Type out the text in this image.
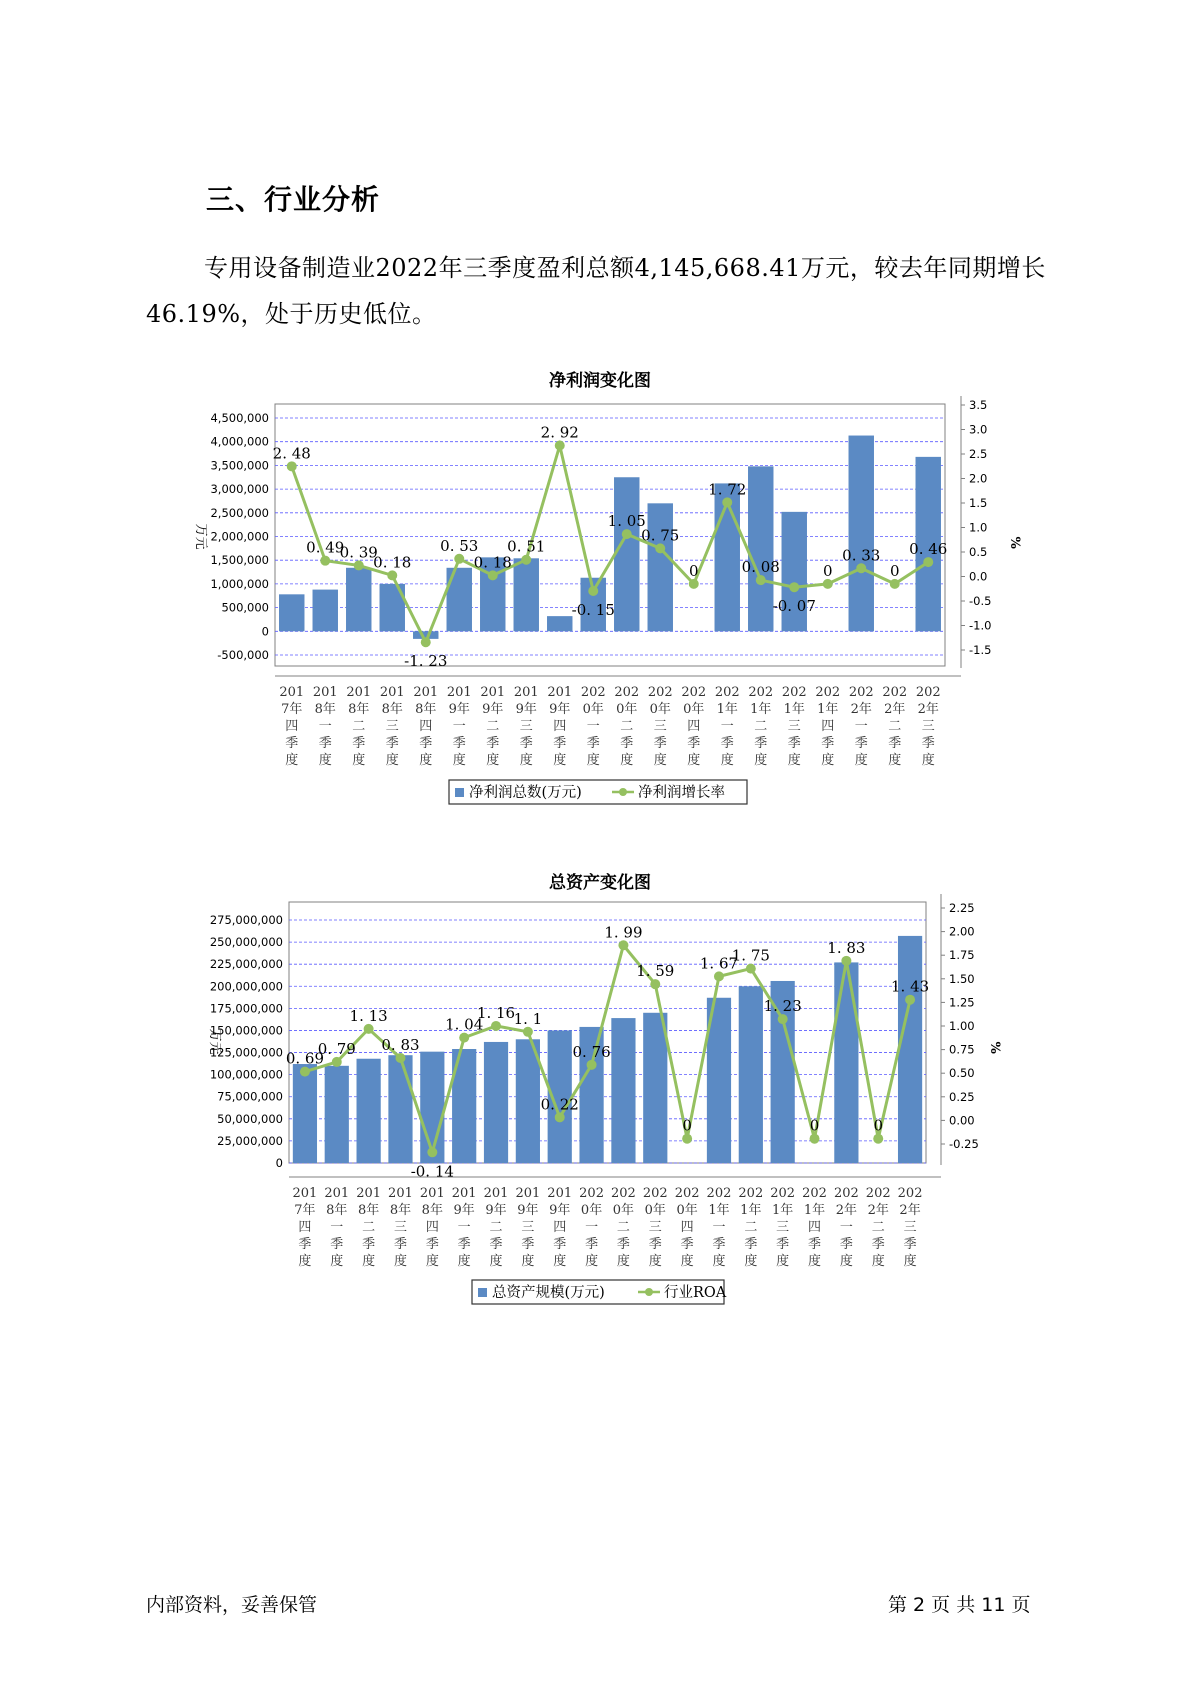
三、行业分析
专用设备制造业2022年三季度盈利总额4,145,668.41万元，较去年同期增长46.19%，处于历史低位。
净利润变化图
4,500,000
4,000,000
3,500,000
3,000,000
2,500,000
2,000,000
1,500,000
1,000,000
500,000
0
-500,000
3.5
3.0
2.5
2.0
1.5
1.0
0.5
0.0
-0.5
-1.0
-1.5
万元	%
2. 48
0. 49
0. 39
0. 18
-1. 23
0. 53
0. 18
0. 51
2. 92
-0. 15
1. 05
0. 75
0
1. 72
0. 08
-0. 07
0
0. 33
0
0. 46
201
7年
四
季
度
201
8年
一
季
度
201
8年
二
季
度
201
8年
三
季
度
201
8年
四
季
度
201
9年
一
季
度
201
9年
二
季
度
201
9年
三
季
度
201
9年
四
季
度
202
0年
一
季
度
202
0年
二
季
度
202
0年
三
季
度
202
0年
四
季
度
202
1年
一
季
度
202
1年
二
季
度
202
1年
三
季
度
202
1年
四
季
度
202
2年
一
季
度
202
2年
二
季
度
202
2年
三
季
度
净利润总数(万元)	净利润增长率
总资产变化图
275,000,000
250,000,000
225,000,000
200,000,000
175,000,000
150,000,000
125,000,000
100,000,000
75,000,000
50,000,000
25,000,000
0
2.25
2.00
1.75
1.50
1.25
1.00
0.75
0.50
0.25
0.00
-0.25
万元	%
0. 69
0. 79
1. 13
0. 83
-0. 14
1. 04
1. 16
1. 1
0. 22
0. 76
1. 99
1. 59
0
1. 67
1. 75
1. 23
0
1. 83
0
1. 43
201
7年
四
季
度
201
8年
一
季
度
201
8年
二
季
度
201
8年
三
季
度
201
8年
四
季
度
201
9年
一
季
度
201
9年
二
季
度
201
9年
三
季
度
201
9年
四
季
度
202
0年
一
季
度
202
0年
二
季
度
202
0年
三
季
度
202
0年
四
季
度
202
1年
一
季
度
202
1年
二
季
度
202
1年
三
季
度
202
1年
四
季
度
202
2年
一
季
度
202
2年
二
季
度
202
2年
三
季
度
总资产规模(万元)	行业ROA
内部资料，妥善保管	第 2 页 共 11 页
